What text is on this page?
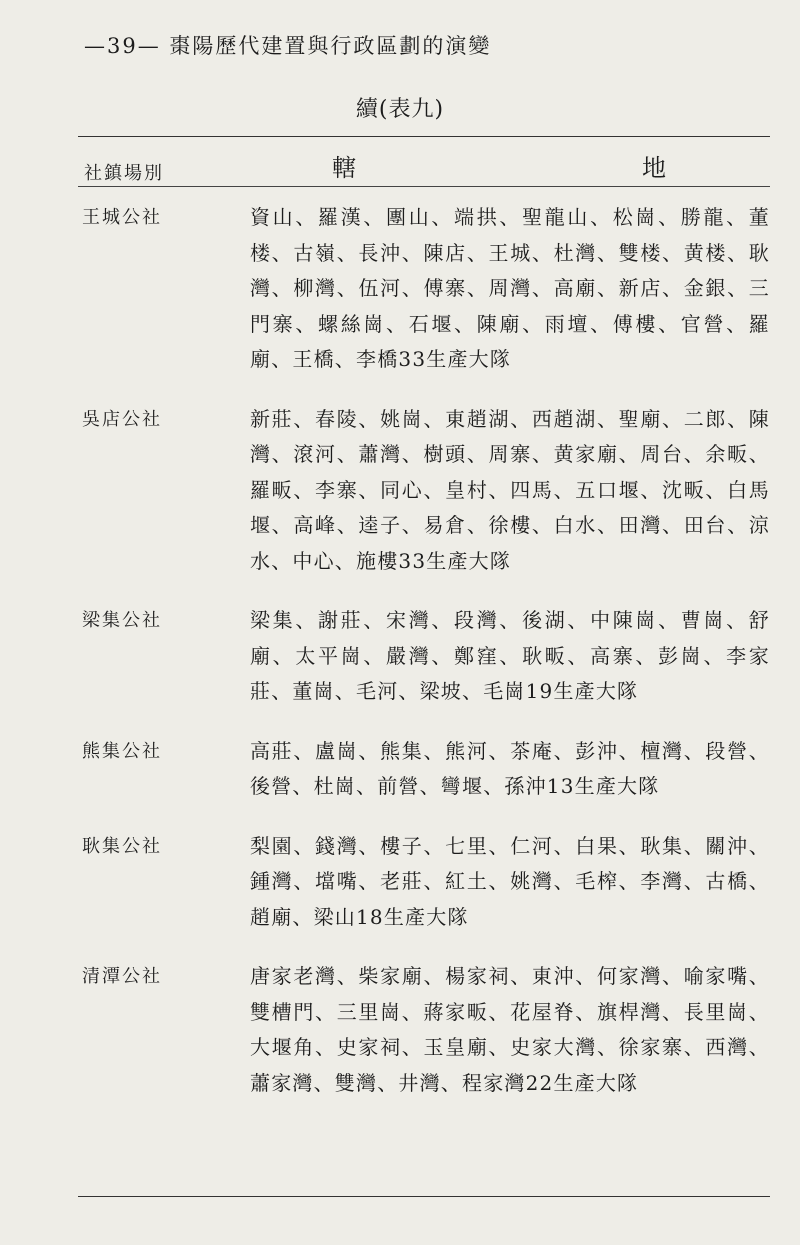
—39— 棗陽歷代建置與行政區劃的演變
續(表九)
社鎮場別	轄	地
王城公社	資山、羅漢、團山、端拱、聖龍山、松崗、勝龍、董楼、古嶺、長沖、陳店、王城、杜灣、雙楼、黄楼、耿灣、柳灣、伍河、傅寨、周灣、高廟、新店、金銀、三門寨、螺絲崗、石堰、陳廟、雨壇、傅樓、官營、羅廟、王橋、李橋33生產大隊
吳店公社	新莊、春陵、姚崗、東趙湖、西趙湖、聖廟、二郎、陳灣、滾河、蕭灣、樹頭、周寨、黄家廟、周台、余畈、羅畈、李寨、同心、皇村、四馬、五口堰、沈畈、白馬堰、高峰、逵子、易倉、徐樓、白水、田灣、田台、涼水、中心、施樓33生產大隊
梁集公社	梁集、謝莊、宋灣、段灣、後湖、中陳崗、曹崗、舒廟、太平崗、嚴灣、鄭窪、耿畈、高寨、彭崗、李家莊、董崗、毛河、梁坡、毛崗19生產大隊
熊集公社	高莊、盧崗、熊集、熊河、茶庵、彭沖、檀灣、段營、後營、杜崗、前營、彎堰、孫沖13生產大隊
耿集公社	梨園、錢灣、樓子、七里、仁河、白果、耿集、關沖、鍾灣、壋嘴、老莊、紅土、姚灣、毛榨、李灣、古橋、趙廟、梁山18生產大隊
清潭公社	唐家老灣、柴家廟、楊家祠、東沖、何家灣、喻家嘴、雙槽門、三里崗、蔣家畈、花屋脊、旗桿灣、長里崗、大堰角、史家祠、玉皇廟、史家大灣、徐家寨、西灣、蕭家灣、雙灣、井灣、程家灣22生產大隊
